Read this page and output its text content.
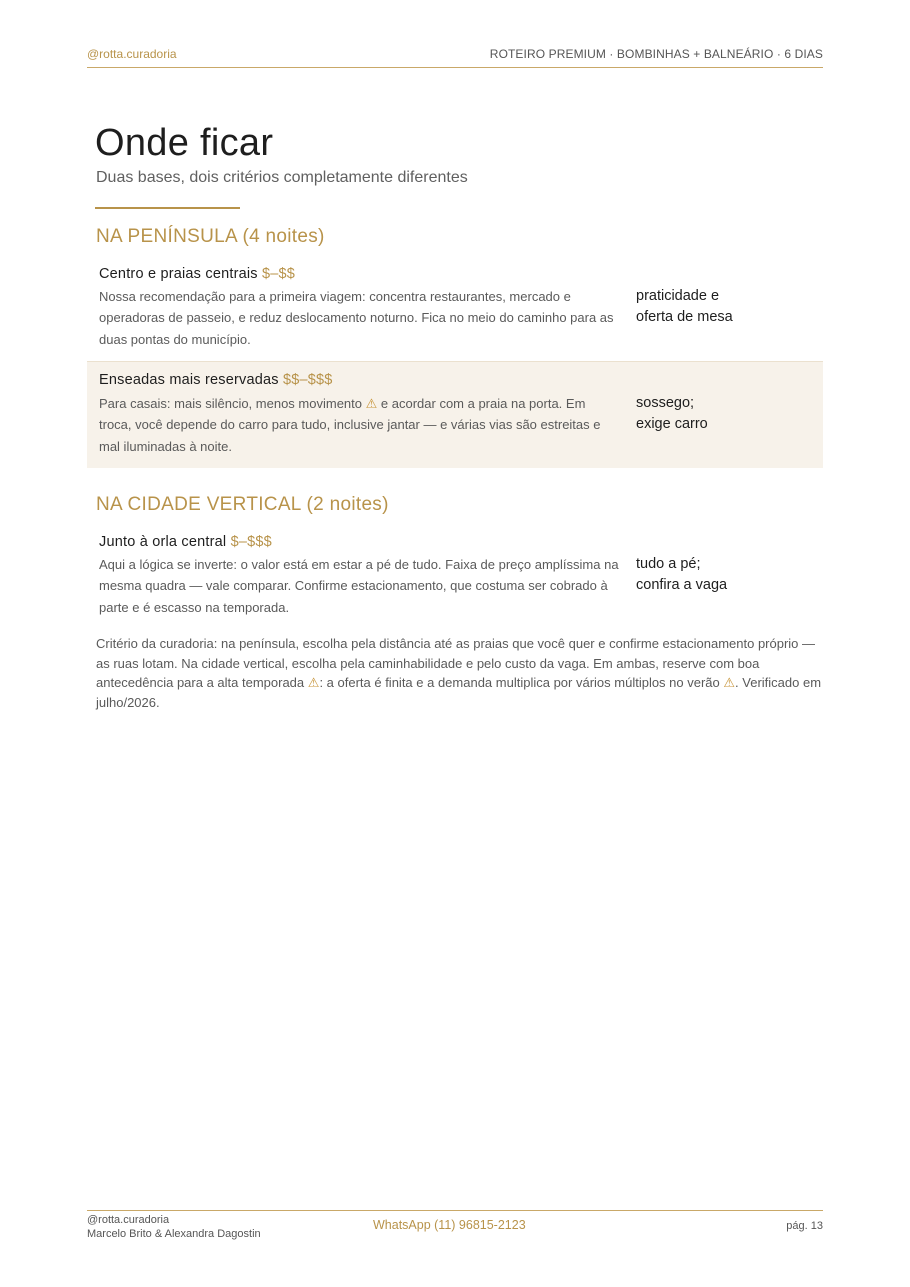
@rotta.curadoria	ROTEIRO PREMIUM · BOMBINHAS + BALNEÁRIO · 6 DIAS
Onde ficar
Duas bases, dois critérios completamente diferentes
NA PENÍNSULA (4 noites)
Centro e praias centrais $–$$
Nossa recomendação para a primeira viagem: concentra restaurantes, mercado e operadoras de passeio, e reduz deslocamento noturno. Fica no meio do caminho para as duas pontas do município.
praticidade e oferta de mesa
Enseadas mais reservadas $$–$$$
Para casais: mais silêncio, menos movimento ⚠ e acordar com a praia na porta. Em troca, você depende do carro para tudo, inclusive jantar — e várias vias são estreitas e mal iluminadas à noite.
sossego;
exige carro
NA CIDADE VERTICAL (2 noites)
Junto à orla central $–$$$
Aqui a lógica se inverte: o valor está em estar a pé de tudo. Faixa de preço amplíssima na mesma quadra — vale comparar. Confirme estacionamento, que costuma ser cobrado à parte e é escasso na temporada.
tudo a pé;
confira a vaga
Critério da curadoria: na península, escolha pela distância até as praias que você quer e confirme estacionamento próprio — as ruas lotam. Na cidade vertical, escolha pela caminhabilidade e pelo custo da vaga. Em ambas, reserve com boa antecedência para a alta temporada ⚠: a oferta é finita e a demanda multiplica por vários múltiplos no verão ⚠. Verificado em julho/2026.
@rotta.curadoria
Marcelo Brito & Alexandra Dagostin
WhatsApp (11) 96815-2123	pág. 13
